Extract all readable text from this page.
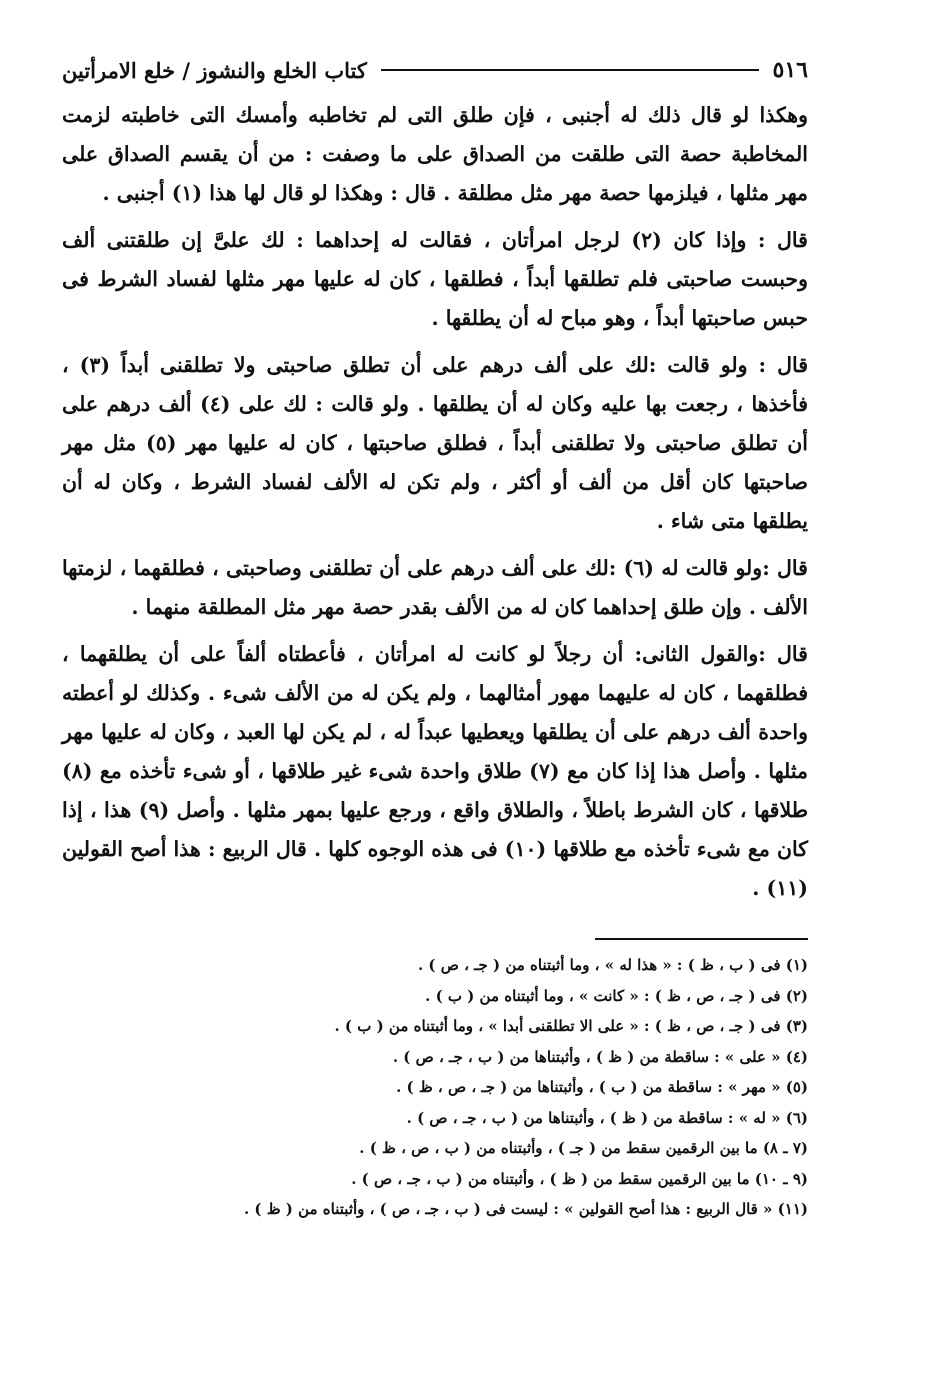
٥١٦
كتاب الخلع والنشوز / خلع الامرأتين

وهكذا لو قال ذلك له أجنبى ، فإن طلق التى لم تخاطبه وأمسك التى خاطبته لزمت المخاطبة حصة التى طلقت من الصداق على ما وصفت : من أن يقسم الصداق على مهر مثلها ، فيلزمها حصة مهر مثل مطلقة . قال : وهكذا لو قال لها هذا (١) أجنبى .

قال : وإذا كان (٢) لرجل امرأتان ، فقالت له إحداهما : لك علىَّ إن طلقتنى ألف وحبست صاحبتى فلم تطلقها أبداً ، فطلقها ، كان له عليها مهر مثلها لفساد الشرط فى حبس صاحبتها أبداً ، وهو مباح له أن يطلقها .

قال : ولو قالت :لك على ألف درهم على أن تطلق صاحبتى ولا تطلقنى أبداً (٣) ، فأخذها ، رجعت بها عليه وكان له أن يطلقها . ولو قالت : لك على (٤) ألف درهم على أن تطلق صاحبتى ولا تطلقنى أبداً ، فطلق صاحبتها ، كان له عليها مهر (٥) مثل مهر صاحبتها كان أقل من ألف أو أكثر ، ولم تكن له الألف لفساد الشرط ، وكان له أن يطلقها متى شاء .

قال :ولو قالت له (٦) :لك على ألف درهم على أن تطلقنى وصاحبتى ، فطلقهما ، لزمتها الألف . وإن طلق إحداهما كان له من الألف بقدر حصة مهر مثل المطلقة منهما .

قال :والقول الثانى: أن رجلاً لو كانت له امرأتان ، فأعطتاه ألفاً على أن يطلقهما ، فطلقهما ، كان له عليهما مهور أمثالهما ، ولم يكن له من الألف شىء . وكذلك لو أعطته واحدة ألف درهم على أن يطلقها ويعطيها عبداً له ، لم يكن لها العبد ، وكان له عليها مهر مثلها . وأصل هذا إذا كان مع (٧) طلاق واحدة شىء غير طلاقها ، أو شىء تأخذه مع (٨) طلاقها ، كان الشرط باطلاً ، والطلاق واقع ، ورجع عليها بمهر مثلها . وأصل (٩) هذا ، إذا كان مع شىء تأخذه مع طلاقها (١٠) فى هذه الوجوه كلها . قال الربيع : هذا أصح القولين (١١) .

(١) فى ( ب ، ظ ) : « هذا له » ، وما أثبتناه من ( جـ ، ص ) .
(٢) فى ( جـ ، ص ، ظ ) : « كانت » ، وما أثبتناه من ( ب ) .
(٣) فى ( جـ ، ص ، ظ ) : « على الا تطلقنى أبدا » ، وما أثبتناه من ( ب ) .
(٤) « على » : ساقطة من ( ظ ) ، وأثبتناها من ( ب ، جـ ، ص ) .
(٥) « مهر » : ساقطة من ( ب ) ، وأثبتناها من ( جـ ، ص ، ظ ) .
(٦) « له » : ساقطة من ( ظ ) ، وأثبتناها من ( ب ، جـ ، ص ) .
(٧ ـ ٨) ما بين الرقمين سقط من ( جـ ) ، وأثبتناه من ( ب ، ص ، ظ ) .
(٩ ـ ١٠) ما بين الرقمين سقط من ( ظ ) ، وأثبتناه من ( ب ، جـ ، ص ) .
(١١) « قال الربيع : هذا أصح القولين » : ليست فى ( ب ، جـ ، ص ) ، وأثبتناه من ( ظ ) .
